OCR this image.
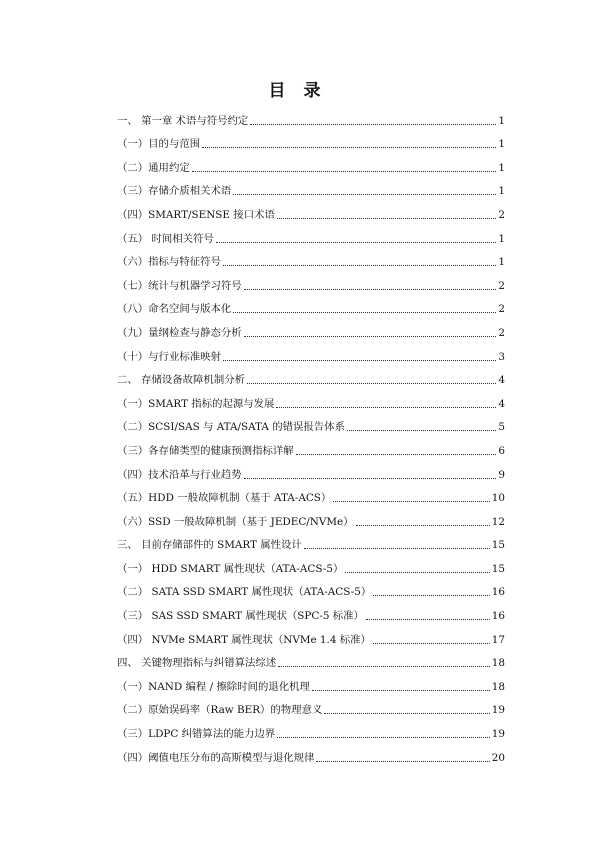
目 录
一、 第一章 术语与符号约定	1
（一）目的与范围	1
（二）通用约定	1
（三）存储介质相关术语	1
（四）SMART/SENSE 接口术语	2
（五） 时间相关符号	1
（六）指标与特征符号	1
（七）统计与机器学习符号	2
（八）命名空间与版本化	2
（九）量纲检查与静态分析	2
（十）与行业标准映射	3
二、 存储设备故障机制分析	4
（一）SMART 指标的起源与发展	4
（二）SCSI/SAS 与 ATA/SATA 的错误报告体系	5
（三）各存储类型的健康预测指标详解	6
（四）技术沿革与行业趋势	9
（五）HDD 一般故障机制（基于 ATA-ACS）	10
（六）SSD 一般故障机制（基于 JEDEC/NVMe）	12
三、 目前存储部件的 SMART 属性设计	15
（一） HDD SMART 属性现状（ATA-ACS-5）	15
（二） SATA SSD SMART 属性现状（ATA-ACS-5）	16
（三） SAS SSD SMART 属性现状（SPC-5 标准）	16
（四） NVMe SMART 属性现状（NVMe 1.4 标准）	17
四、 关键物理指标与纠错算法综述	18
（一）NAND 编程 / 擦除时间的退化机理	18
（二）原始误码率（Raw BER）的物理意义	19
（三）LDPC 纠错算法的能力边界	19
（四）阈值电压分布的高斯模型与退化规律	20
